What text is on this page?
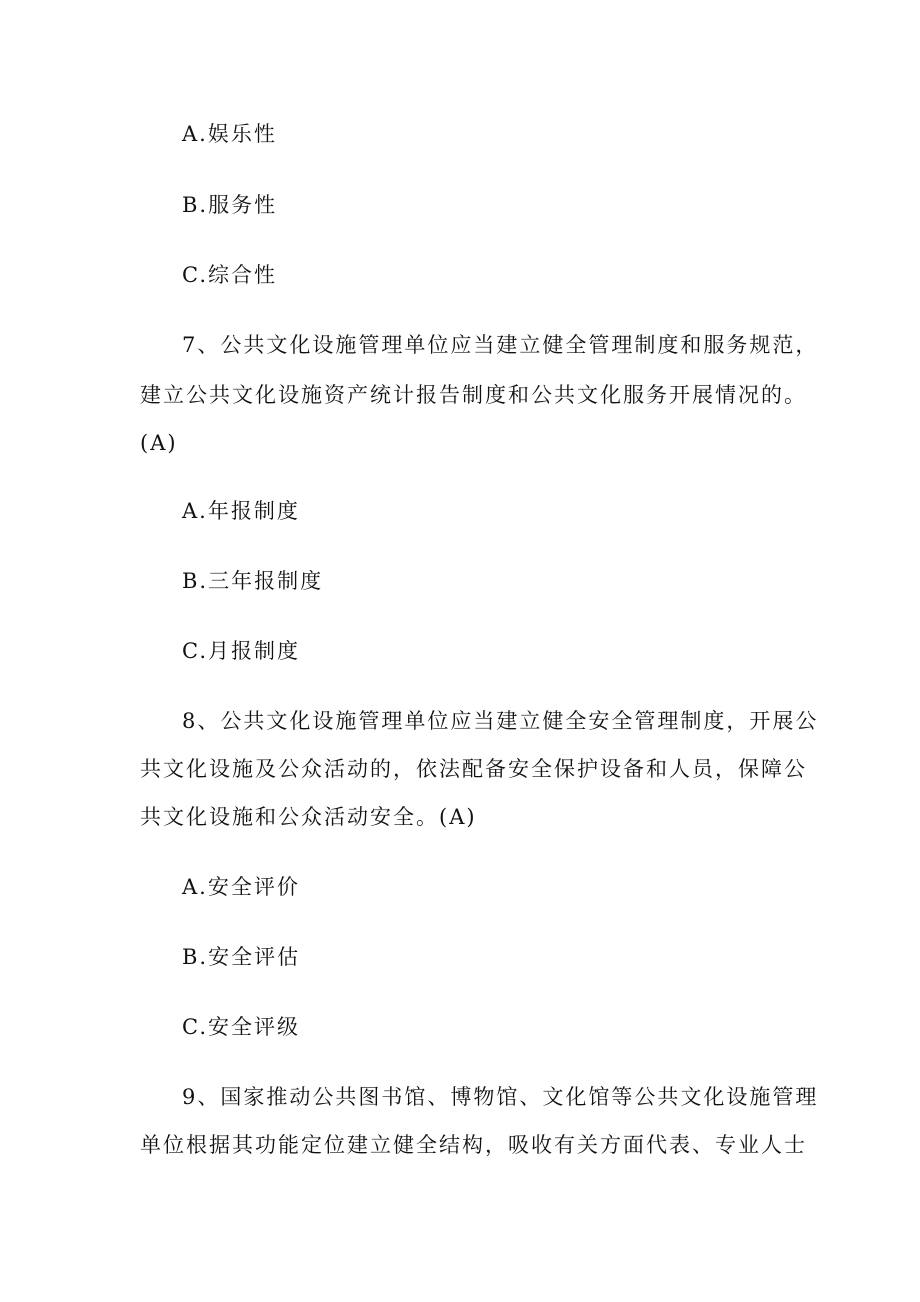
A.娱乐性
B.服务性
C.综合性
7、公共文化设施管理单位应当建立健全管理制度和服务规范，
建立公共文化设施资产统计报告制度和公共文化服务开展情况的。
(A)
A.年报制度
B.三年报制度
C.月报制度
8、公共文化设施管理单位应当建立健全安全管理制度，开展公
共文化设施及公众活动的，依法配备安全保护设备和人员，保障公
共文化设施和公众活动安全。(A)
A.安全评价
B.安全评估
C.安全评级
9、国家推动公共图书馆、博物馆、文化馆等公共文化设施管理
单位根据其功能定位建立健全结构，吸收有关方面代表、专业人士
